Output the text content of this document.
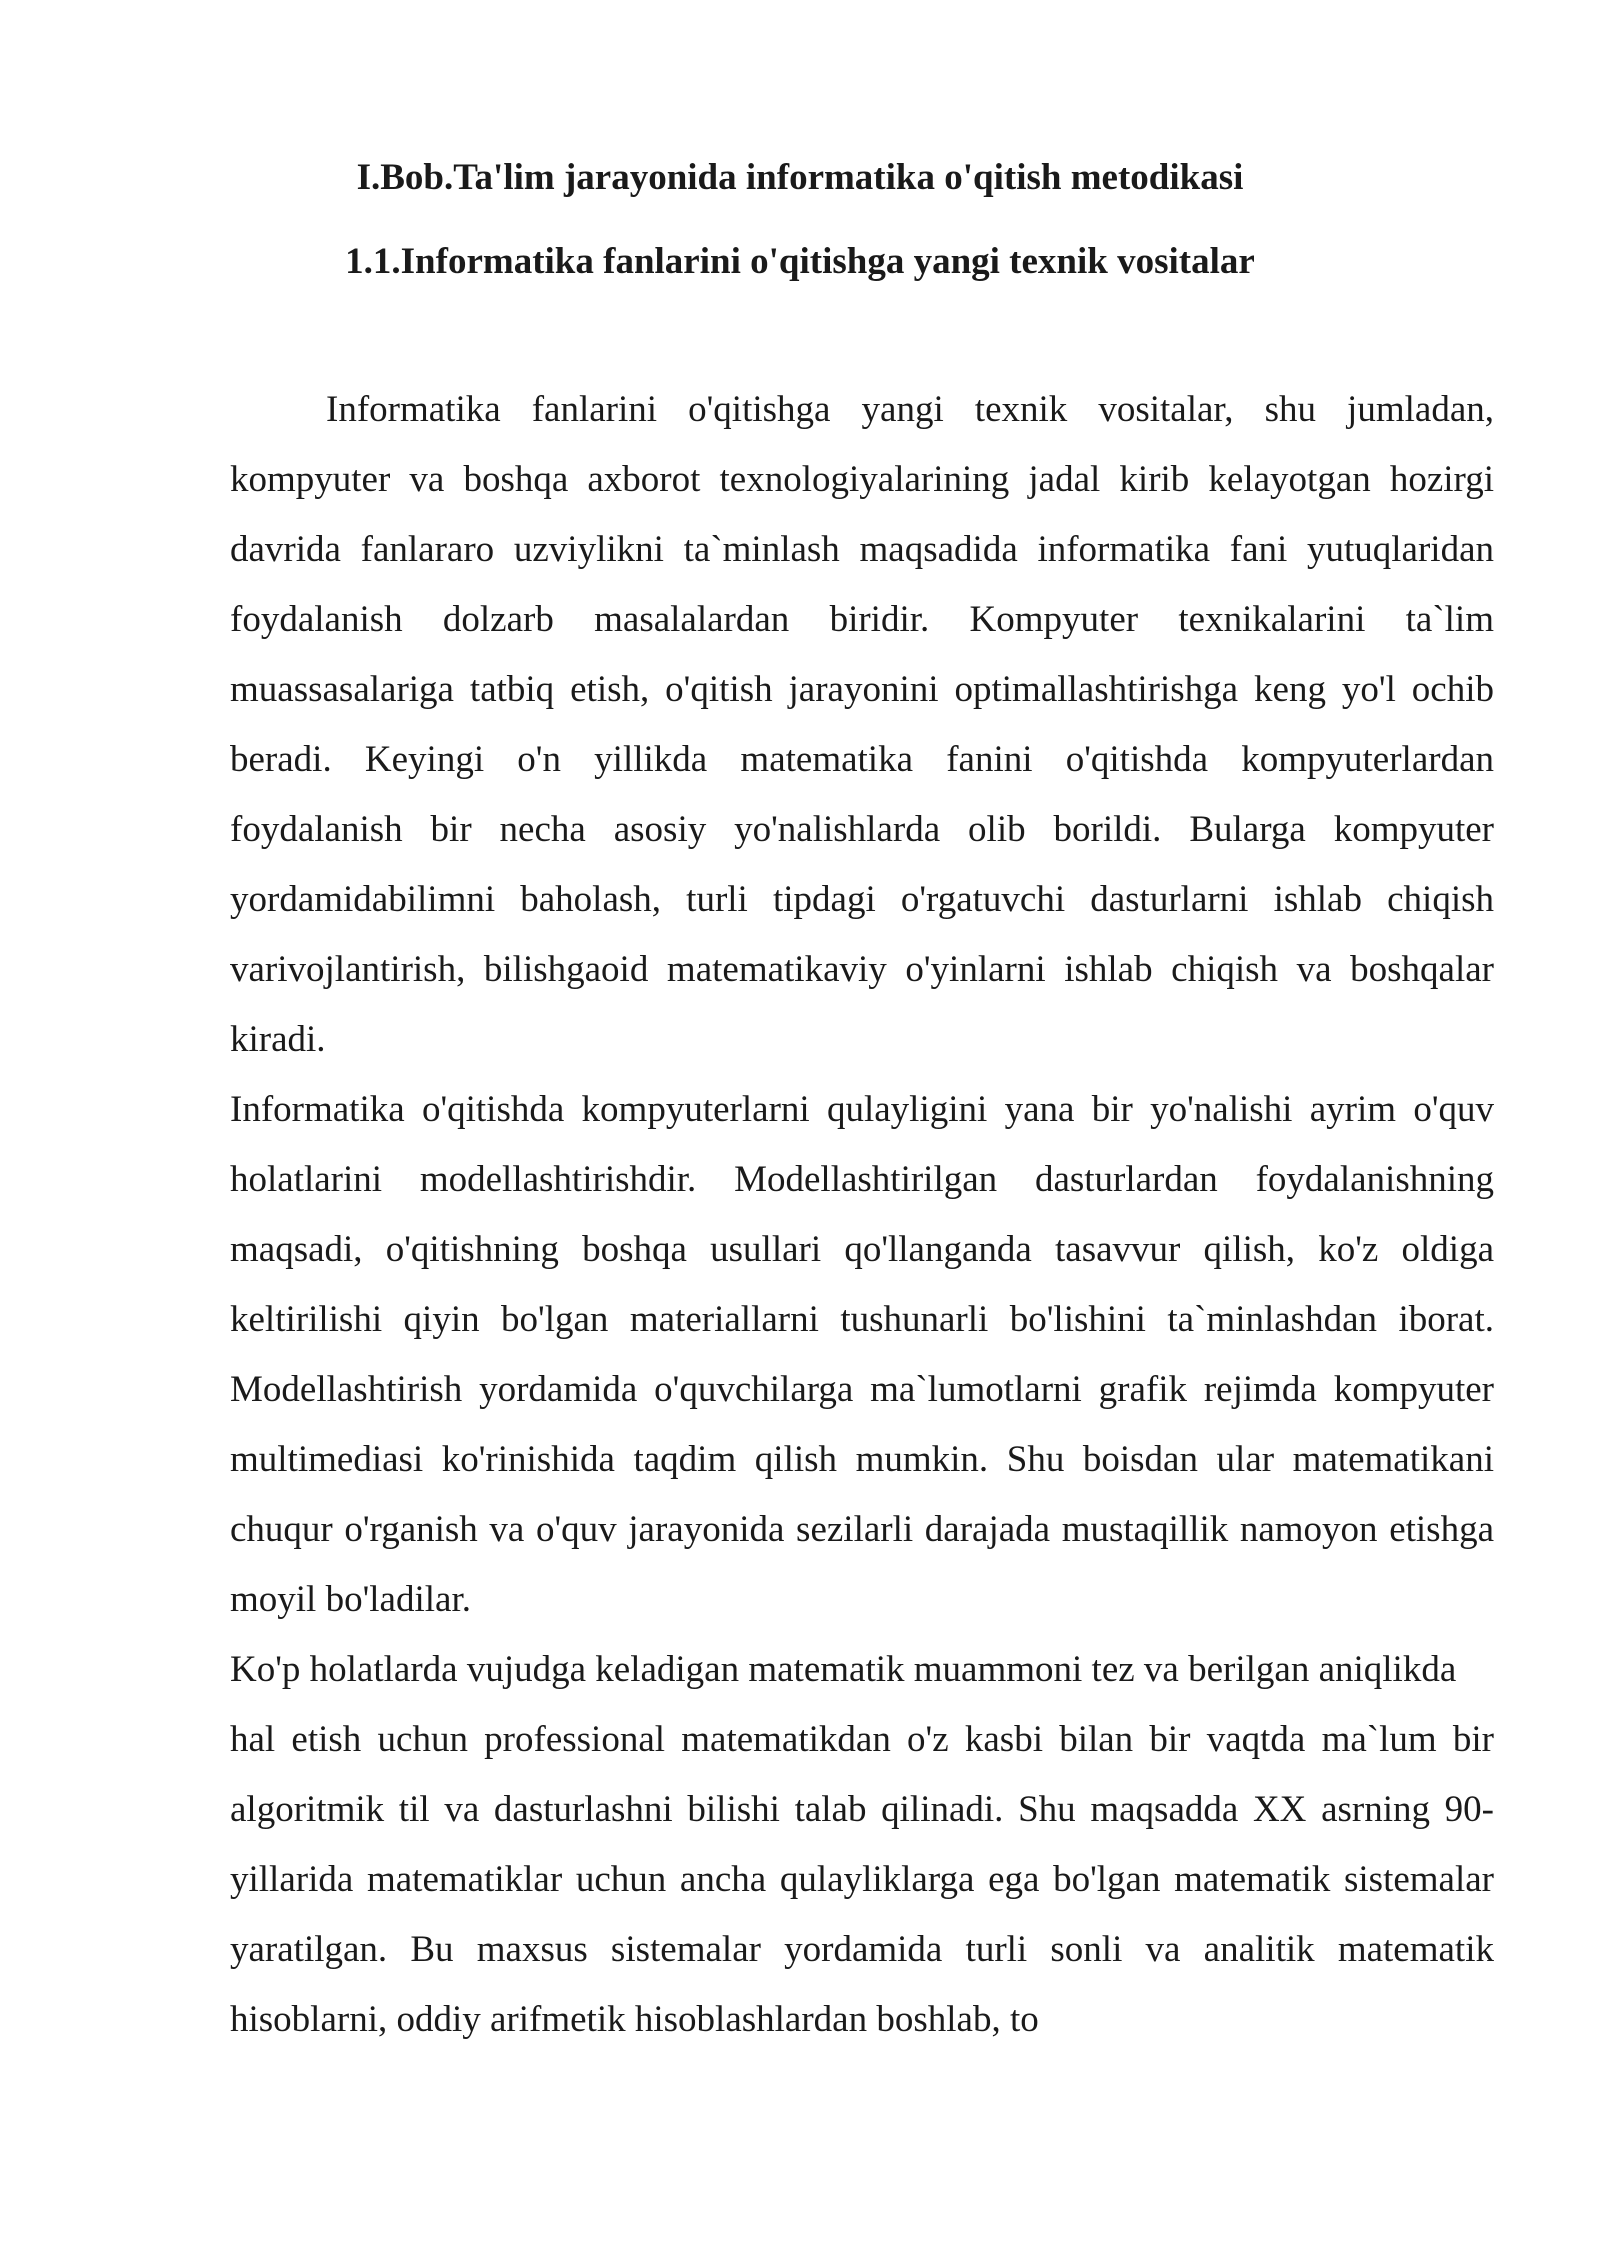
I.Bob.Ta'lim jarayonida informatika o'qitish metodikasi
1.1.Informatika fanlarini o'qitishga yangi texnik vositalar

Informatika fanlarini o'qitishga yangi texnik vositalar, shu jumladan, kompyuter va boshqa axborot texnologiyalarining jadal kirib kelayotgan hozirgi davrida fanlararo uzviylikni ta`minlash maqsadida informatika fani yutuqlaridan foydalanish dolzarb masalalardan biridir. Kompyuter texnikalarini ta`lim muassasalariga tatbiq etish, o'qitish jarayonini optimallashtirishga keng yo'l ochib beradi. Keyingi o'n yillikda matematika fanini o'qitishda kompyuterlardan foydalanish bir necha asosiy yo'nalishlarda olib borildi. Bularga kompyuter yordamidabilimni baholash, turli tipdagi o'rgatuvchi dasturlarni ishlab chiqish varivojlantirish, bilishgaoid matematikaviy o'yinlarni ishlab chiqish va boshqalar kiradi.

Informatika o'qitishda kompyuterlarni qulayligini yana bir yo'nalishi ayrim o'quv holatlarini modellashtirishdir. Modellashtirilgan dasturlardan foydalanishning maqsadi, o'qitishning boshqa usullari qo'llanganda tasavvur qilish, ko'z oldiga keltirilishi qiyin bo'lgan materiallarni tushunarli bo'lishini ta`minlashdan iborat. Modellashtirish yordamida o'quvchilarga ma`lumotlarni grafik rejimda kompyuter multimediasi ko'rinishida taqdim qilish mumkin. Shu boisdan ular matematikani chuqur o'rganish va o'quv jarayonida sezilarli darajada mustaqillik namoyon etishga moyil bo'ladilar.

Ko'p holatlarda vujudga keladigan matematik muammoni tez va berilgan aniqlikda

hal etish uchun professional matematikdan o'z kasbi bilan bir vaqtda ma`lum bir algoritmik til va dasturlashni bilishi talab qilinadi. Shu maqsadda XX asrning 90-yillarida matematiklar uchun ancha qulayliklarga ega bo'lgan matematik sistemalar yaratilgan. Bu maxsus sistemalar yordamida turli sonli va analitik matematik hisoblarni, oddiy arifmetik hisoblashlardan boshlab, to
